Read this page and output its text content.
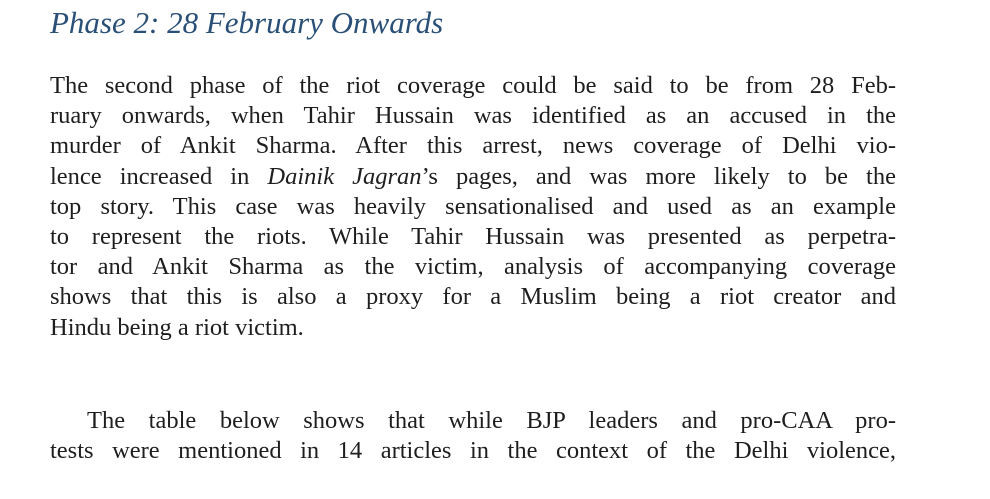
Phase 2: 28 February Onwards
The second phase of the riot coverage could be said to be from 28 Feb-
ruary onwards, when Tahir Hussain was identified as an accused in the
murder of Ankit Sharma. After this arrest, news coverage of Delhi vio-
lence increased in Dainik Jagran’s pages, and was more likely to be the
top story. This case was heavily sensationalised and used as an example
to represent the riots. While Tahir Hussain was presented as perpetra-
tor and Ankit Sharma as the victim, analysis of accompanying coverage
shows that this is also a proxy for a Muslim being a riot creator and
Hindu being a riot victim.
The table below shows that while BJP leaders and pro-CAA pro-
tests were mentioned in 14 articles in the context of the Delhi violence,
